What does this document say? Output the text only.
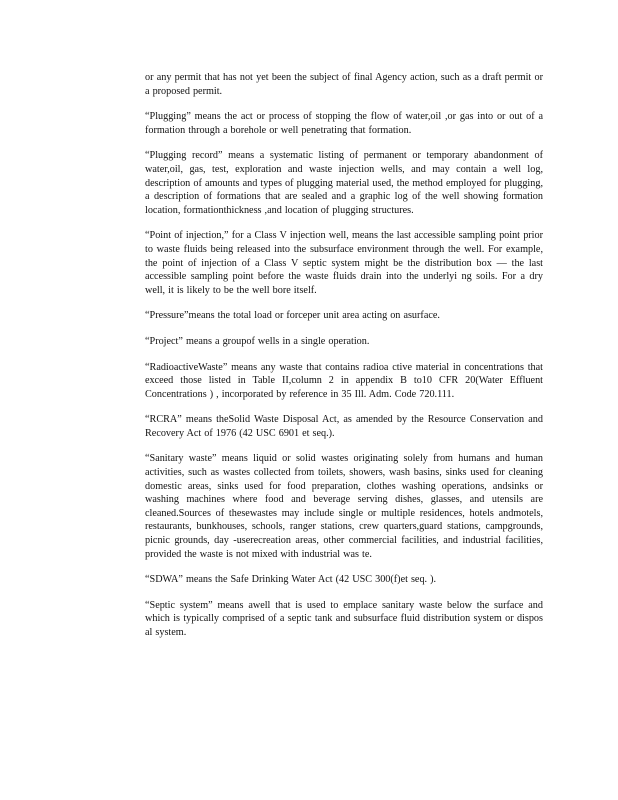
or any permit that has not yet been the subject of final Agency action, such as a draft permit or a proposed permit.

“Plugging” means the act or process of stopping the flow of water,oil ,or gas into or out of a formation through a borehole or well penetrating that formation.

“Plugging record” means a systematic listing of permanent or temporary abandonment of water,oil, gas, test, exploration and waste injection wells, and may contain a well log, description of amounts and types of plugging material used, the method employed for plugging, a description of formations that are sealed and a graphic log of the well showing formation location, formationthickness ,and location of plugging structures.

“Point of injection,” for a Class V injection well, means the last accessible sampling point prior to waste fluids being released into the subsurface environment through the well. For example, the point of injection of a Class V septic system might be the distribution box — the last accessible sampling point before the waste fluids drain into the underlyi ng soils. For a dry well, it is likely to be the well bore itself.

“Pressure”means the total load or forceper unit area acting on asurface.

“Project” means a groupof wells in a single operation.

“RadioactiveWaste” means any waste that contains radioa ctive material in concentrations that exceed those listed in Table II,column 2 in appendix B to10 CFR 20(Water Effluent Concentrations ) , incorporated by reference in 35 Ill. Adm. Code 720.111.

“RCRA” means theSolid Waste Disposal Act, as amended by the Resource Conservation and Recovery Act of 1976 (42 USC 6901 et seq.).

“Sanitary waste” means liquid or solid wastes originating solely from humans and human activities, such as wastes collected from toilets, showers, wash basins, sinks used for cleaning domestic areas, sinks used for food preparation, clothes washing operations, andsinks or washing machines where food and beverage serving dishes, glasses, and utensils are cleaned.Sources of thesewastes may include single or multiple residences, hotels andmotels, restaurants, bunkhouses, schools, ranger stations, crew quarters,guard stations, campgrounds, picnic grounds, day -userecreation areas, other commercial facilities, and industrial facilities, provided the waste is not mixed with industrial was te.

“SDWA” means the Safe Drinking Water Act (42 USC 300(f)et seq. ).

“Septic system” means awell that is used to emplace sanitary waste below the surface and which is typically comprised of a septic tank and subsurface fluid distribution system or dispos al system.
